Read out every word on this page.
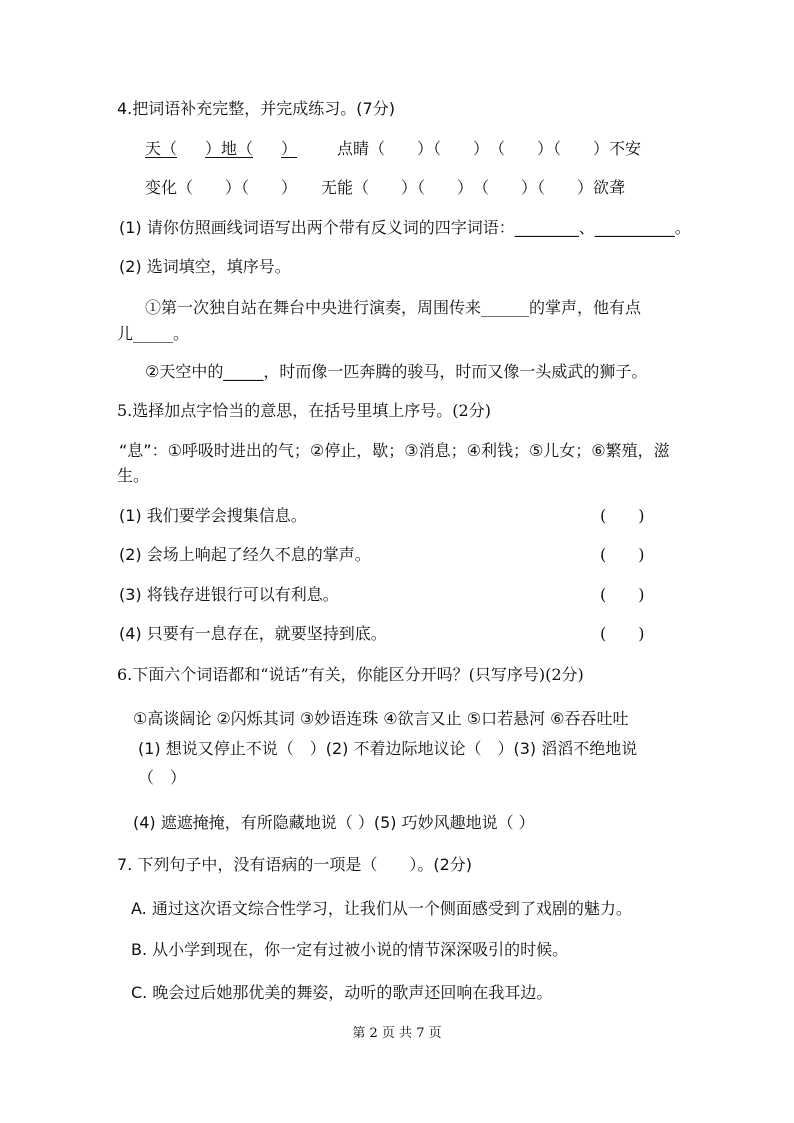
4.把词语补充完整，并完成练习。(7分)
天（ ）地（ ） 点睛（　　）（　　）　（　　）（　　）不安
变化（　　）（　　）　　无能（　　）（　　）　（　　）（　　）欲聋
(1) 请你仿照画线词语写出两个带有反义词的四字词语：________、__________。
(2) 选词填空，填序号。
①第一次独自站在舞台中央进行演奏，周围传来______的掌声，他有点
儿_____。
②天空中的_____，时而像一匹奔腾的骏马，时而又像一头威武的狮子。
5.选择加点字恰当的意思，在括号里填上序号。(2分)
“息”：①呼吸时进出的气；②停止，歇；③消息；④利钱；⑤儿女；⑥繁殖，滋
生。
(1) 我们要学会搜集信息。	(　　)
(2) 会场上响起了经久不息的掌声。	(　　)
(3) 将钱存进银行可以有利息。	(　　)
(4) 只要有一息存在，就要坚持到底。	(　　)
6.下面六个词语都和“说话”有关，你能区分开吗？(只写序号)(2分)
①高谈阔论 ②闪烁其词 ③妙语连珠 ④欲言又止 ⑤口若悬河 ⑥吞吞吐吐
(1) 想说又停止不说（　）(2) 不着边际地议论（　）(3) 滔滔不绝地说
（　）
(4) 遮遮掩掩，有所隐藏地说（ ）(5) 巧妙风趣地说（ ）
7. 下列句子中，没有语病的一项是（　　）。(2分)
A. 通过这次语文综合性学习，让我们从一个侧面感受到了戏剧的魅力。
B. 从小学到现在，你一定有过被小说的情节深深吸引的时候。
C. 晚会过后她那优美的舞姿，动听的歌声还回响在我耳边。
第 2 页 共 7 页
